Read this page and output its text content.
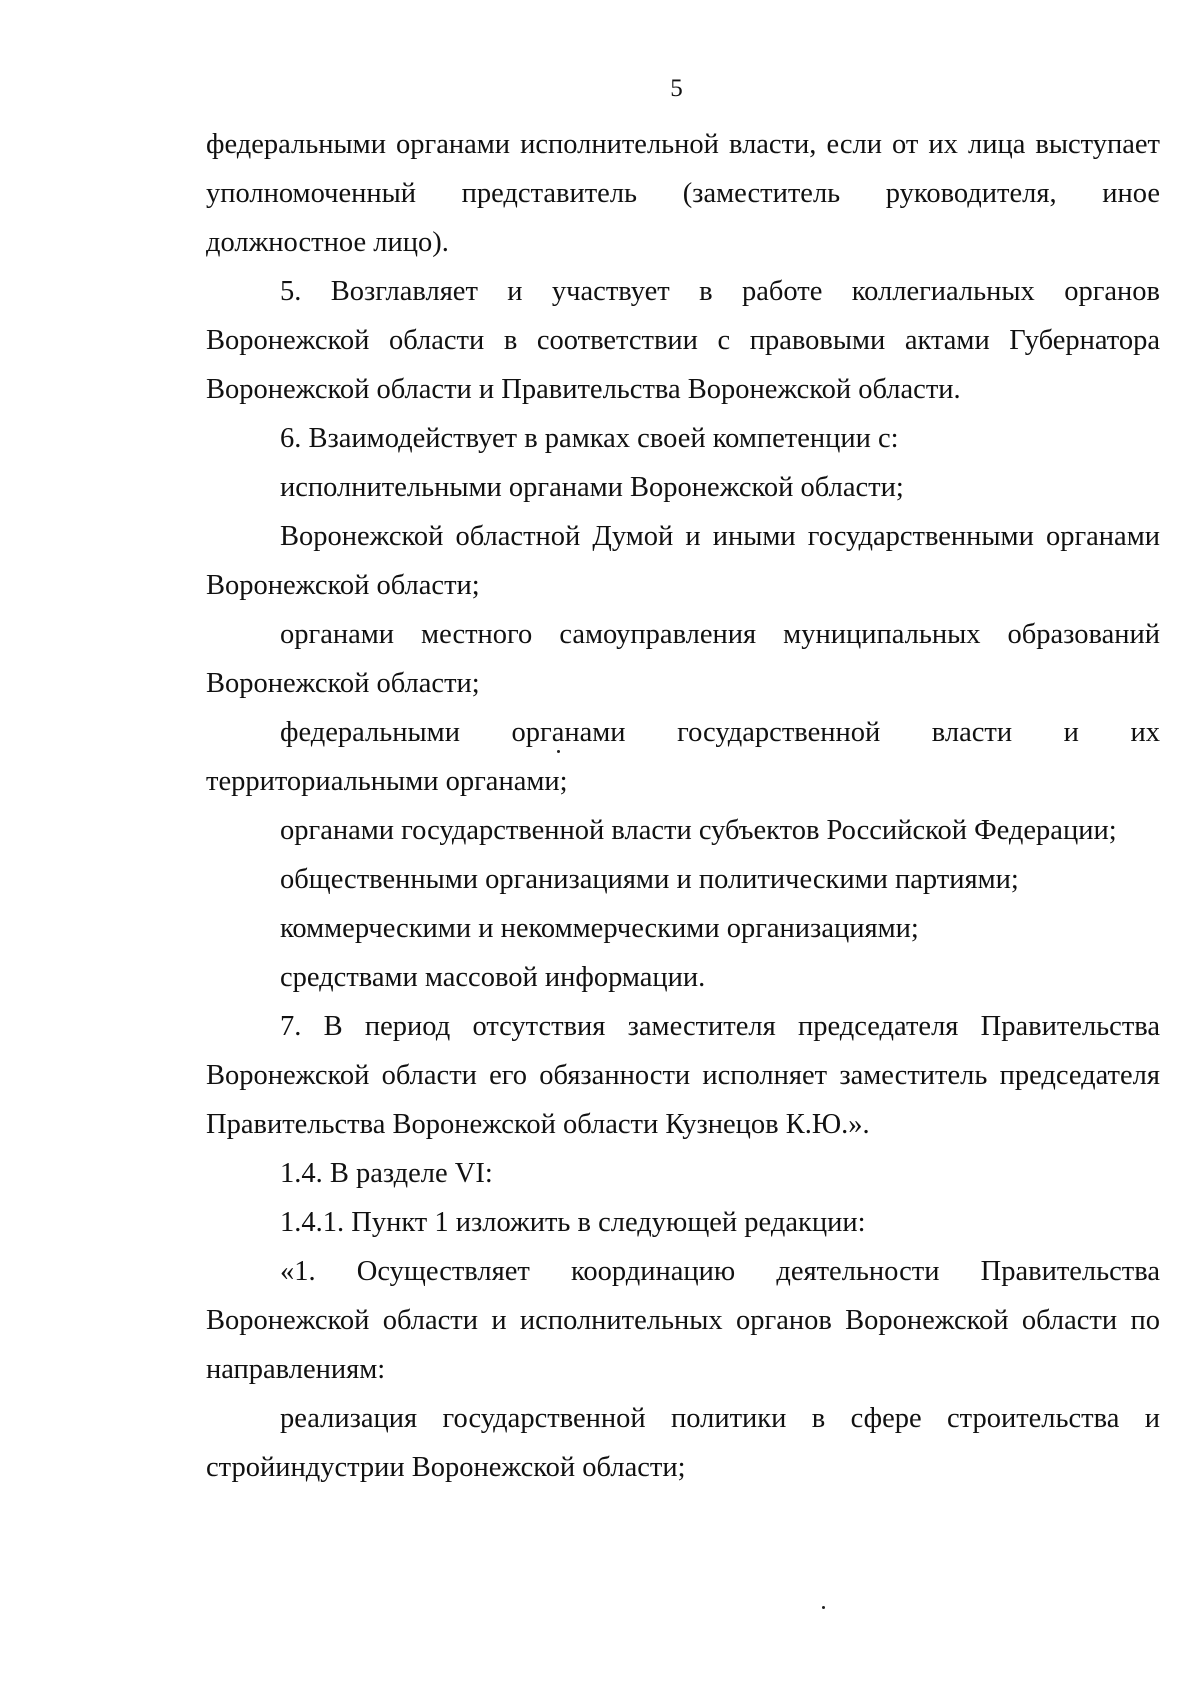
5
федеральными органами исполнительной власти, если от их лица выступает
уполномоченный представитель (заместитель руководителя, иное
должностное лицо).
5. Возглавляет и участвует в работе коллегиальных органов
Воронежской области в соответствии с правовыми актами Губернатора
Воронежской области и Правительства Воронежской области.
6. Взаимодействует в рамках своей компетенции с:
исполнительными органами Воронежской области;
Воронежской областной Думой и иными государственными органами
Воронежской области;
органами местного самоуправления муниципальных образований
Воронежской области;
федеральными органами государственной власти и их
территориальными органами;
органами государственной власти субъектов Российской Федерации;
общественными организациями и политическими партиями;
коммерческими и некоммерческими организациями;
средствами массовой информации.
7. В период отсутствия заместителя председателя Правительства
Воронежской области его обязанности исполняет заместитель председателя
Правительства Воронежской области Кузнецов К.Ю.».
1.4. В разделе VI:
1.4.1. Пункт 1 изложить в следующей редакции:
«1. Осуществляет координацию деятельности Правительства
Воронежской области и исполнительных органов Воронежской области по
направлениям:
реализация государственной политики в сфере строительства и
стройиндустрии Воронежской области;
